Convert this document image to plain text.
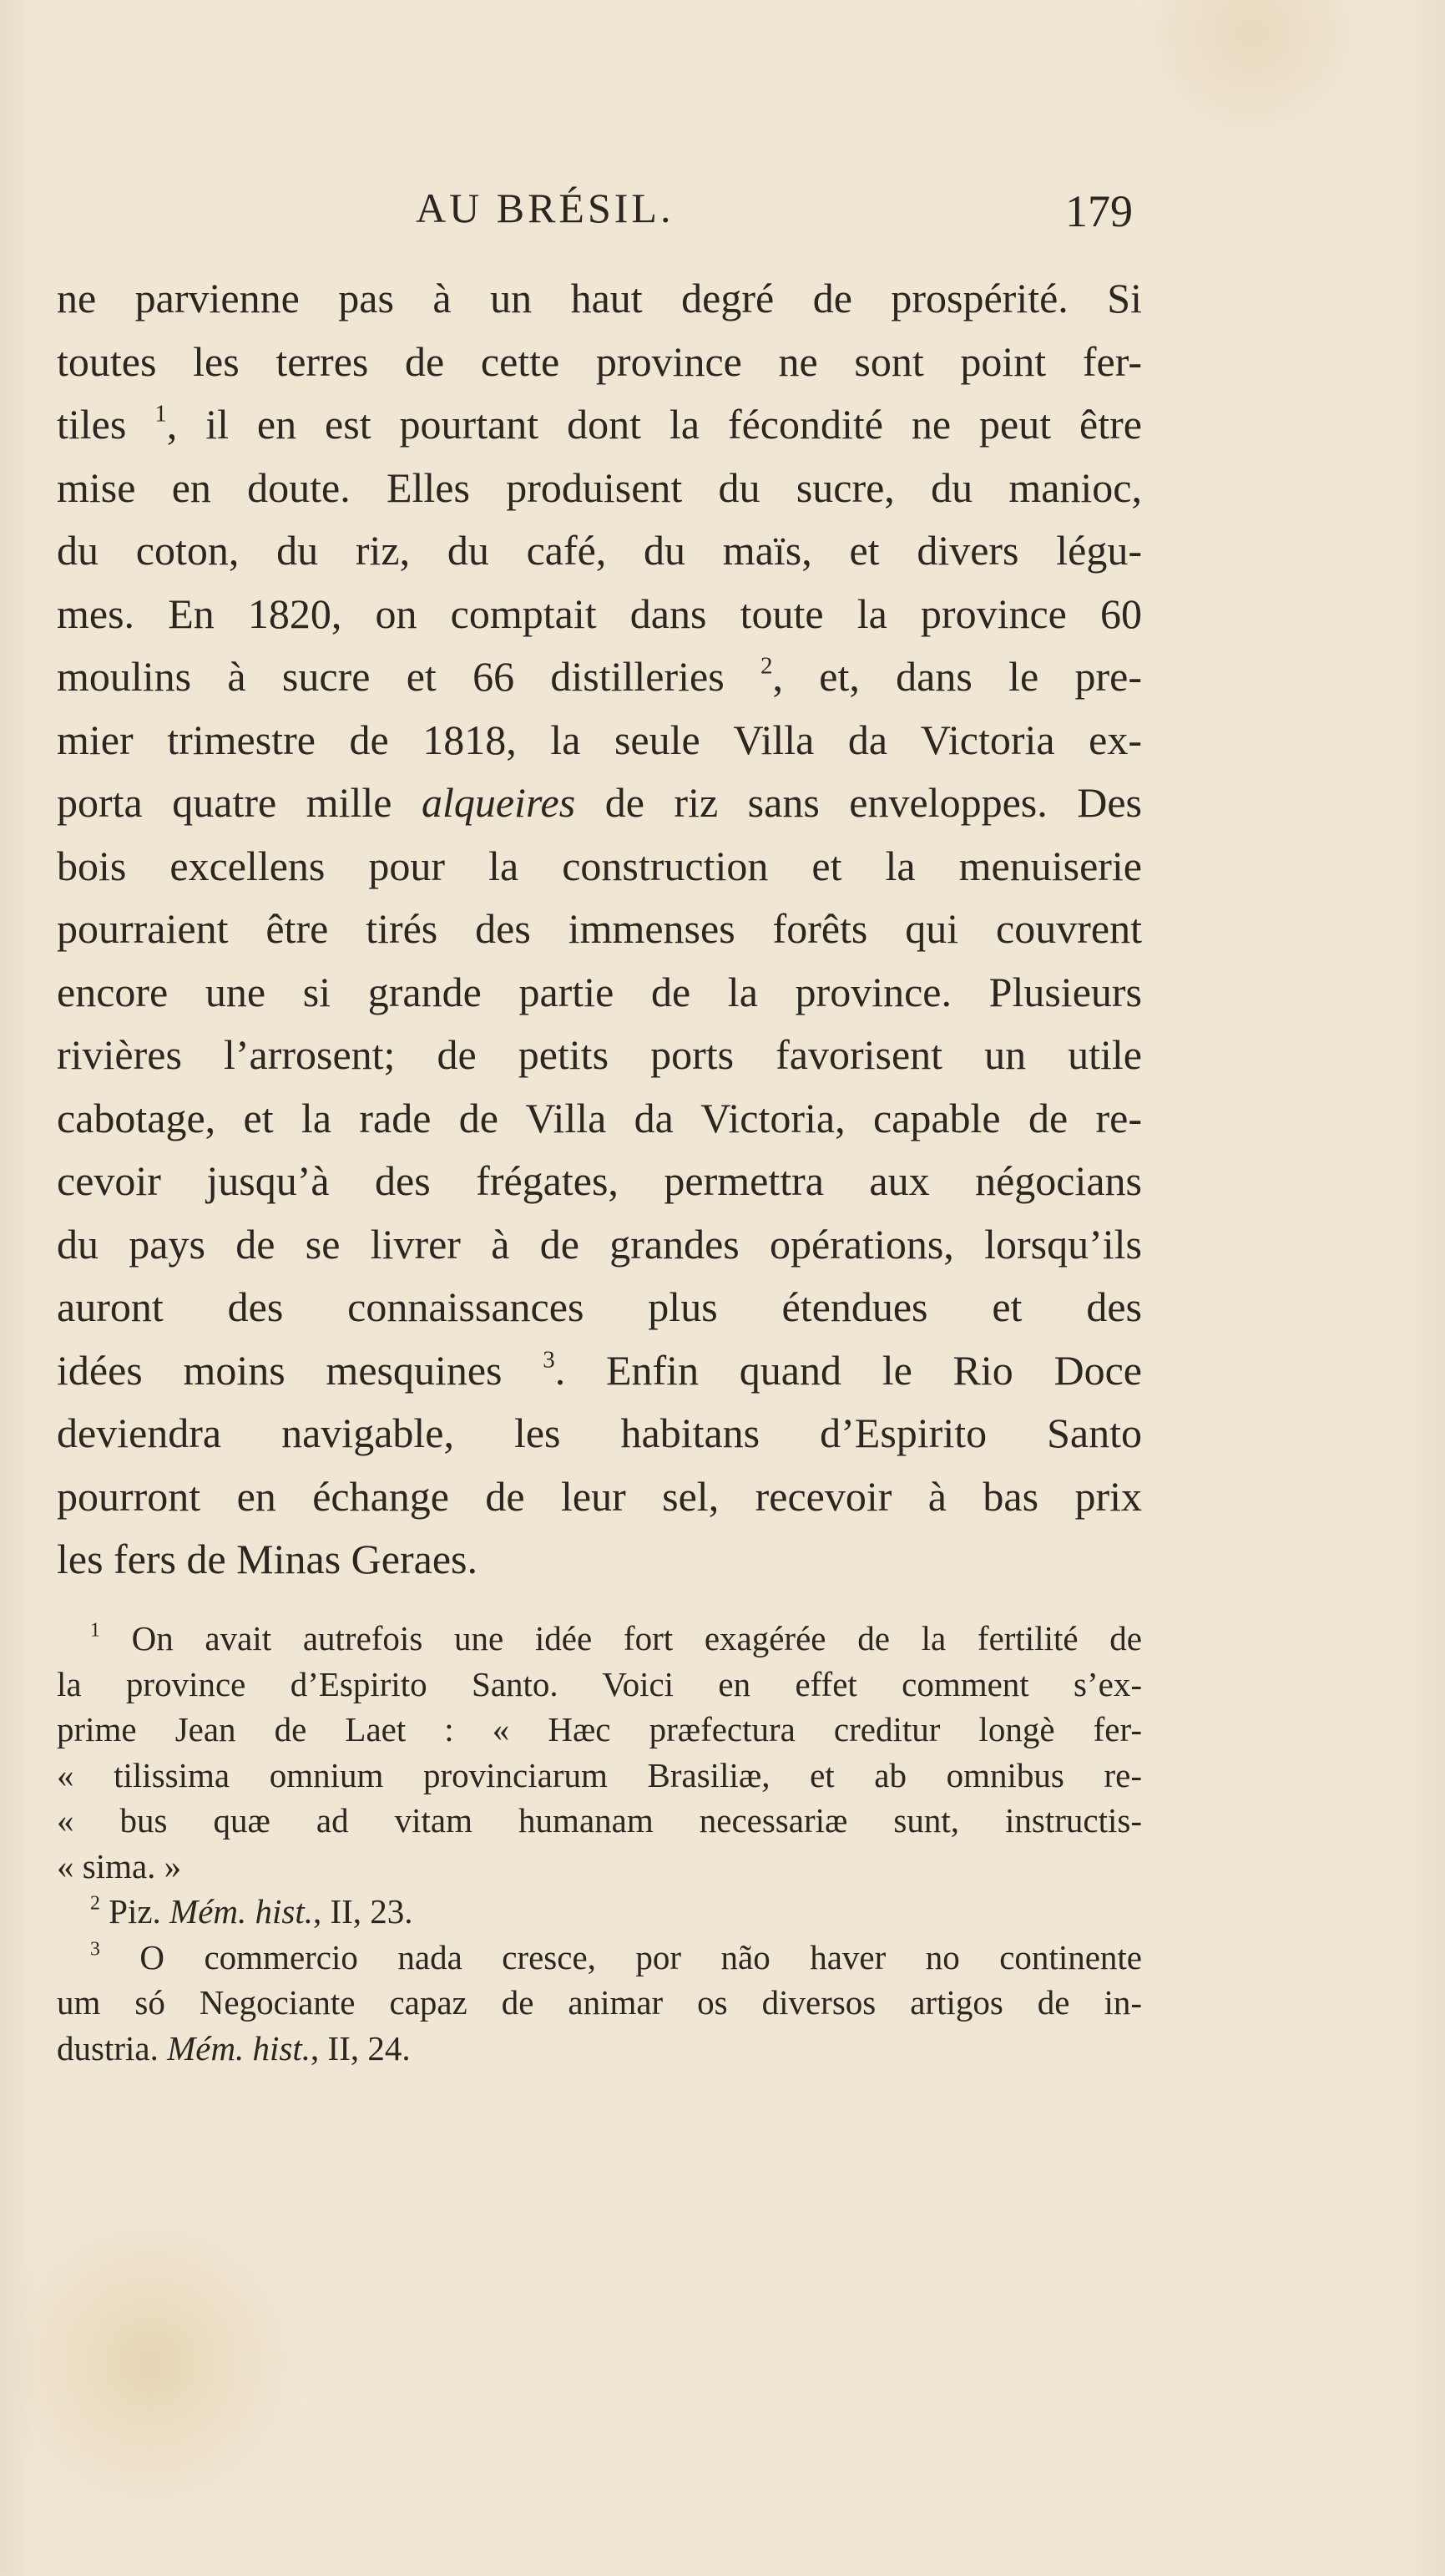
AU BRÉSIL.	179
ne parvienne pas à un haut degré de prospérité. Si
toutes les terres de cette province ne sont point fer-
tiles $^1$, il en est pourtant dont la fécondité ne peut être
mise en doute. Elles produisent du sucre, du manioc,
du coton, du riz, du café, du maïs, et divers légu-
mes. En 1820, on comptait dans toute la province 60
moulins à sucre et 66 distilleries $^2$, et, dans le pre-
mier trimestre de 1818, la seule Villa da Victoria ex-
porta quatre mille alqueires de riz sans enveloppes. Des
bois excellens pour la construction et la menuiserie
pourraient être tirés des immenses forêts qui couvrent
encore une si grande partie de la province. Plusieurs
rivières l’arrosent; de petits ports favorisent un utile
cabotage, et la rade de Villa da Victoria, capable de re-
cevoir jusqu’à des frégates, permettra aux négocians
du pays de se livrer à de grandes opérations, lorsqu’ils
auront des connaissances plus étendues et des
idées moins mesquines $^3$. Enfin quand le Rio Doce
deviendra navigable, les habitans d’Espirito Santo
pourront en échange de leur sel, recevoir à bas prix
les fers de Minas Geraes.
$^1$ On avait autrefois une idée fort exagérée de la fertilité de
la province d’Espirito Santo. Voici en effet comment s’ex-
prime Jean de Laet : « Hæc præfectura creditur longè fer-
« tilissima omnium provinciarum Brasiliæ, et ab omnibus re-
« bus quæ ad vitam humanam necessariæ sunt, instructis-
« sima. »
$^2$ Piz. Mém. hist., II, 23.
$^3$ O commercio nada cresce, por não haver no continente
um só Negociante capaz de animar os diversos artigos de in-
dustria. Mém. hist., II, 24.
